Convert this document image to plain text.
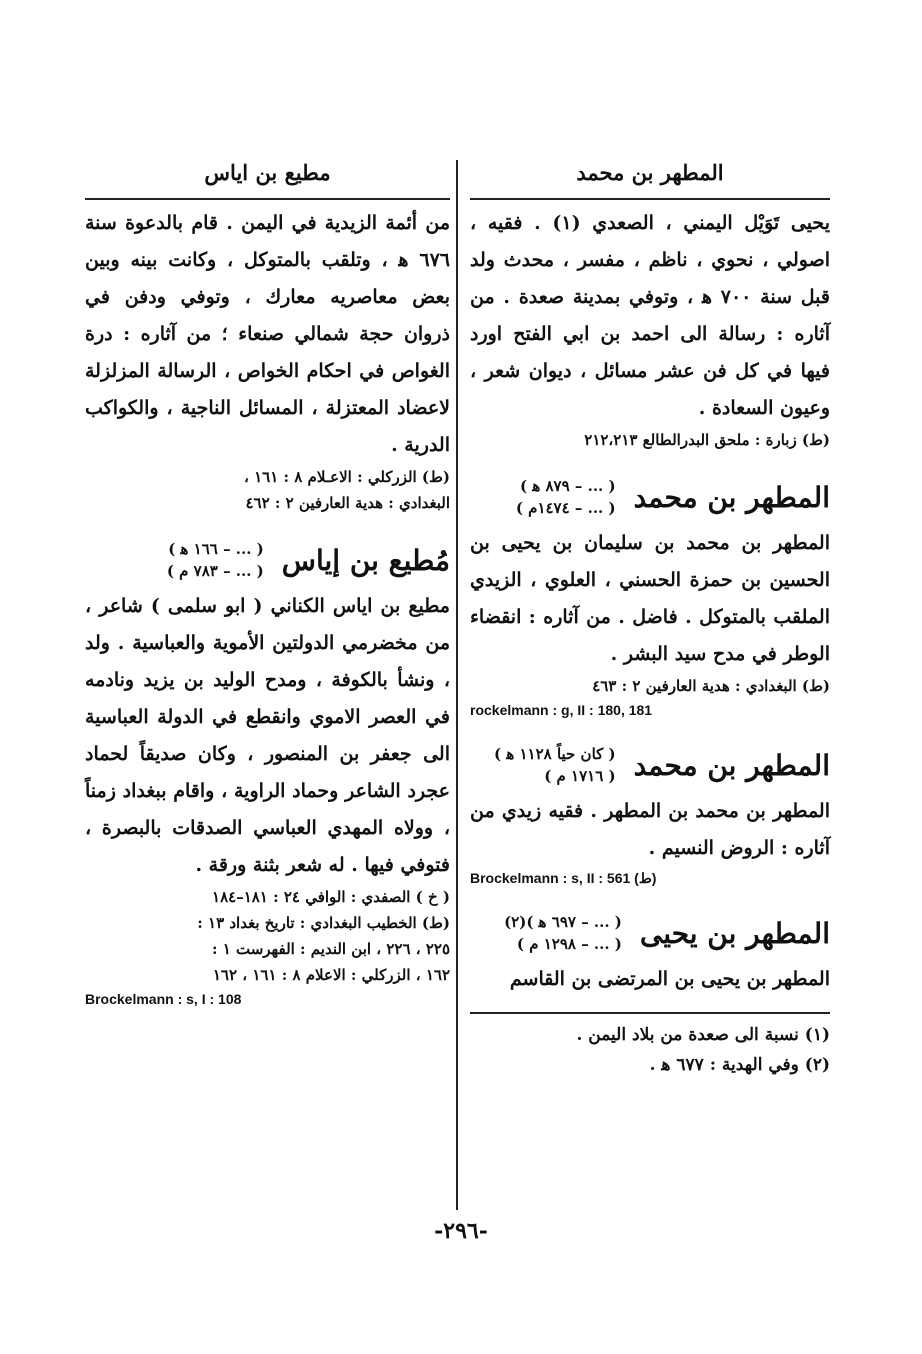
المطهر بن محمد

يحيى تَوَيْل اليمني ، الصعدي (١) . فقيه ، اصولي ، نحوي ، ناظم ، مفسر ، محدث ولد قبل سنة ٧٠٠ ﻫ ، وتوفي بمدينة صعدة . من آثاره : رسالة الى احمد بن ابي الفتح اورد فيها في كل فن عشر مسائل ، ديوان شعر ، وعيون السعادة .

(ط) زبارة : ملحق البدرالطالع ٢١٢،٢١٣

المطهر بن محمد
( ... – ٨٧٩ ﻫ )
( ... – ١٤٧٤م )

المطهر بن محمد بن سليمان بن يحيى بن الحسين بن حمزة الحسني ، العلوي ، الزيدي الملقب بالمتوكل . فاضل . من آثاره : انقضاء الوطر في مدح سيد البشر .

(ط) البغدادي : هدية العارفين ٢ : ٤٦٣

rockelmann : g, II : 180, 181

المطهر بن محمد
( كان حياً ١١٢٨ ﻫ )
( ١٧١٦ م )

المطهر بن محمد بن المطهر . فقيه زيدي من آثاره : الروض النسيم .

Brockelmann : s, II : 561 (ط)

المطهر بن يحيى
( ... – ٦٩٧ ﻫ )(٢)
( ... – ١٢٩٨ م )

المطهر بن يحيى بن المرتضى بن القاسم

(١) نسبة الى صعدة من بلاد اليمن .

(٢) وفي الهدية : ٦٧٧ ﻫ .

مطيع بن اياس

من أئمة الزيدية في اليمن . قام بالدعوة سنة ٦٧٦ ﻫ ، وتلقب بالمتوكل ، وكانت بينه وبين بعض معاصريه معارك ، وتوفي ودفن في ذروان حجة شمالي صنعاء ؛ من آثاره : درة الغواص في احكام الخواص ، الرسالة المزلزلة لاعضاد المعتزلة ، المسائل الناجية ، والكواكب الدرية .

(ط) الزركلي : الاعـلام ٨ : ١٦١ ،

البغدادي : هدية العارفين ٢ : ٤٦٢

مُطيع بن إياس
( ... – ١٦٦ ﻫ )
( ... – ٧٨٣ م )

مطيع بن اياس الكناني ( ابو سلمى ) شاعر ، من مخضرمي الدولتين الأموية والعباسية . ولد ، ونشأ بالكوفة ، ومدح الوليد بن يزيد ونادمه في العصر الاموي وانقطع في الدولة العباسية الى جعفر بن المنصور ، وكان صديقاً لحماد عجرد الشاعر وحماد الراوية ، واقام ببغداد زمناً ، وولاه المهدي العباسي الصدقات بالبصرة ، فتوفي فيها . له شعر بثنة ورقة .

( خ ) الصفدي : الوافي ٢٤ : ١٨١–١٨٤

(ط) الخطيب البغدادي : تاريخ بغداد ١٣ :

٢٢٥ ، ٢٢٦ ، ابن النديم : الفهرست ١ :

١٦٢ ، الزركلي : الاعلام ٨ : ١٦١ ، ١٦٢

Brockelmann : s, I : 108

-٢٩٦-
